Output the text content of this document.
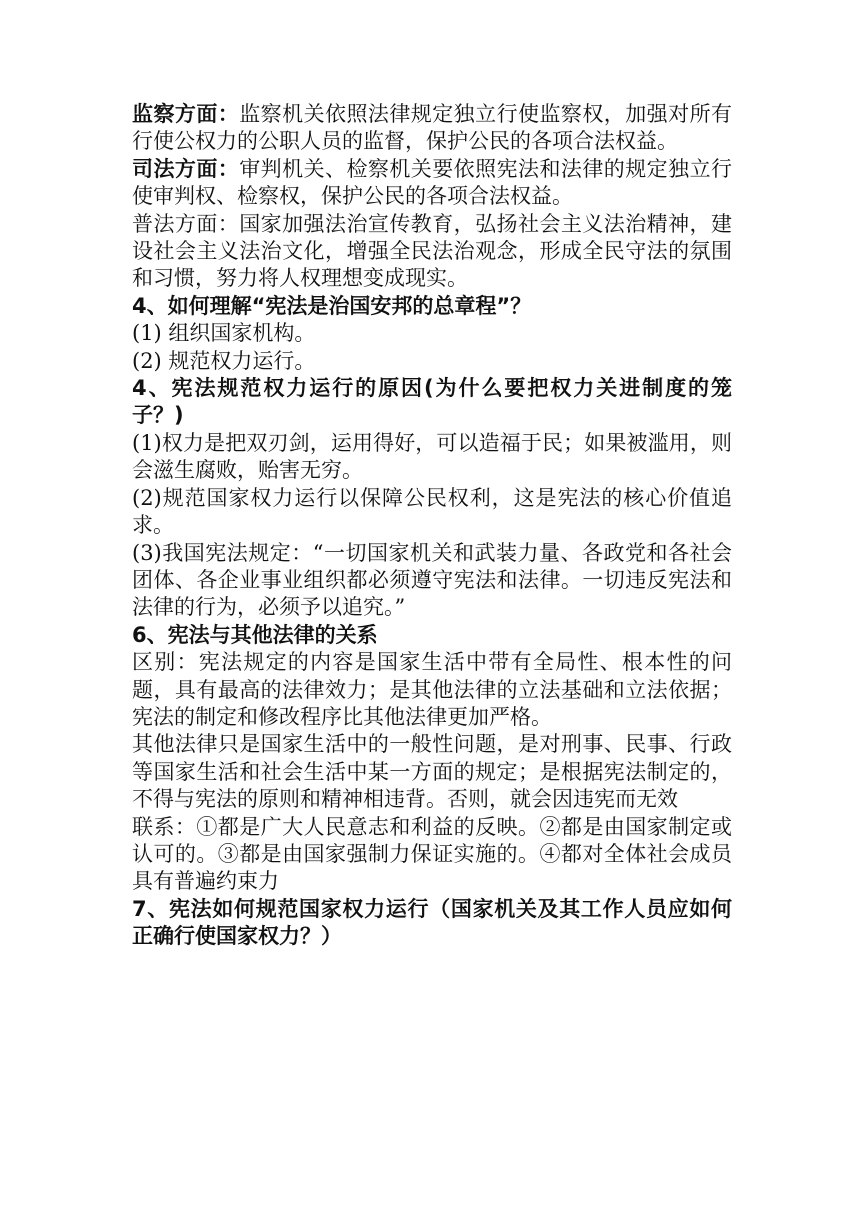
监察方面：监察机关依照法律规定独立行使监察权，加强对所有行使公权力的公职人员的监督，保护公民的各项合法权益。

司法方面：审判机关、检察机关要依照宪法和法律的规定独立行使审判权、检察权，保护公民的各项合法权益。

普法方面：国家加强法治宣传教育，弘扬社会主义法治精神，建设社会主义法治文化，增强全民法治观念，形成全民守法的氛围和习惯，努力将人权理想变成现实。

4、如何理解“宪法是治国安邦的总章程”？

(1) 组织国家机构。

(2) 规范权力运行。

4、宪法规范权力运行的原因(为什么要把权力关进制度的笼子？)

(1)权力是把双刃剑，运用得好，可以造福于民；如果被滥用，则会滋生腐败，贻害无穷。

(2)规范国家权力运行以保障公民权利，这是宪法的核心价值追求。

(3)我国宪法规定：“一切国家机关和武装力量、各政党和各社会团体、各企业事业组织都必须遵守宪法和法律。一切违反宪法和法律的行为，必须予以追究。”

6、宪法与其他法律的关系

区别：宪法规定的内容是国家生活中带有全局性、根本性的问题，具有最高的法律效力；是其他法律的立法基础和立法依据；宪法的制定和修改程序比其他法律更加严格。

其他法律只是国家生活中的一般性问题，是对刑事、民事、行政等国家生活和社会生活中某一方面的规定；是根据宪法制定的，不得与宪法的原则和精神相违背。否则，就会因违宪而无效

联系：①都是广大人民意志和利益的反映。②都是由国家制定或认可的。③都是由国家强制力保证实施的。④都对全体社会成员具有普遍约束力

7、宪法如何规范国家权力运行（国家机关及其工作人员应如何正确行使国家权力？）
